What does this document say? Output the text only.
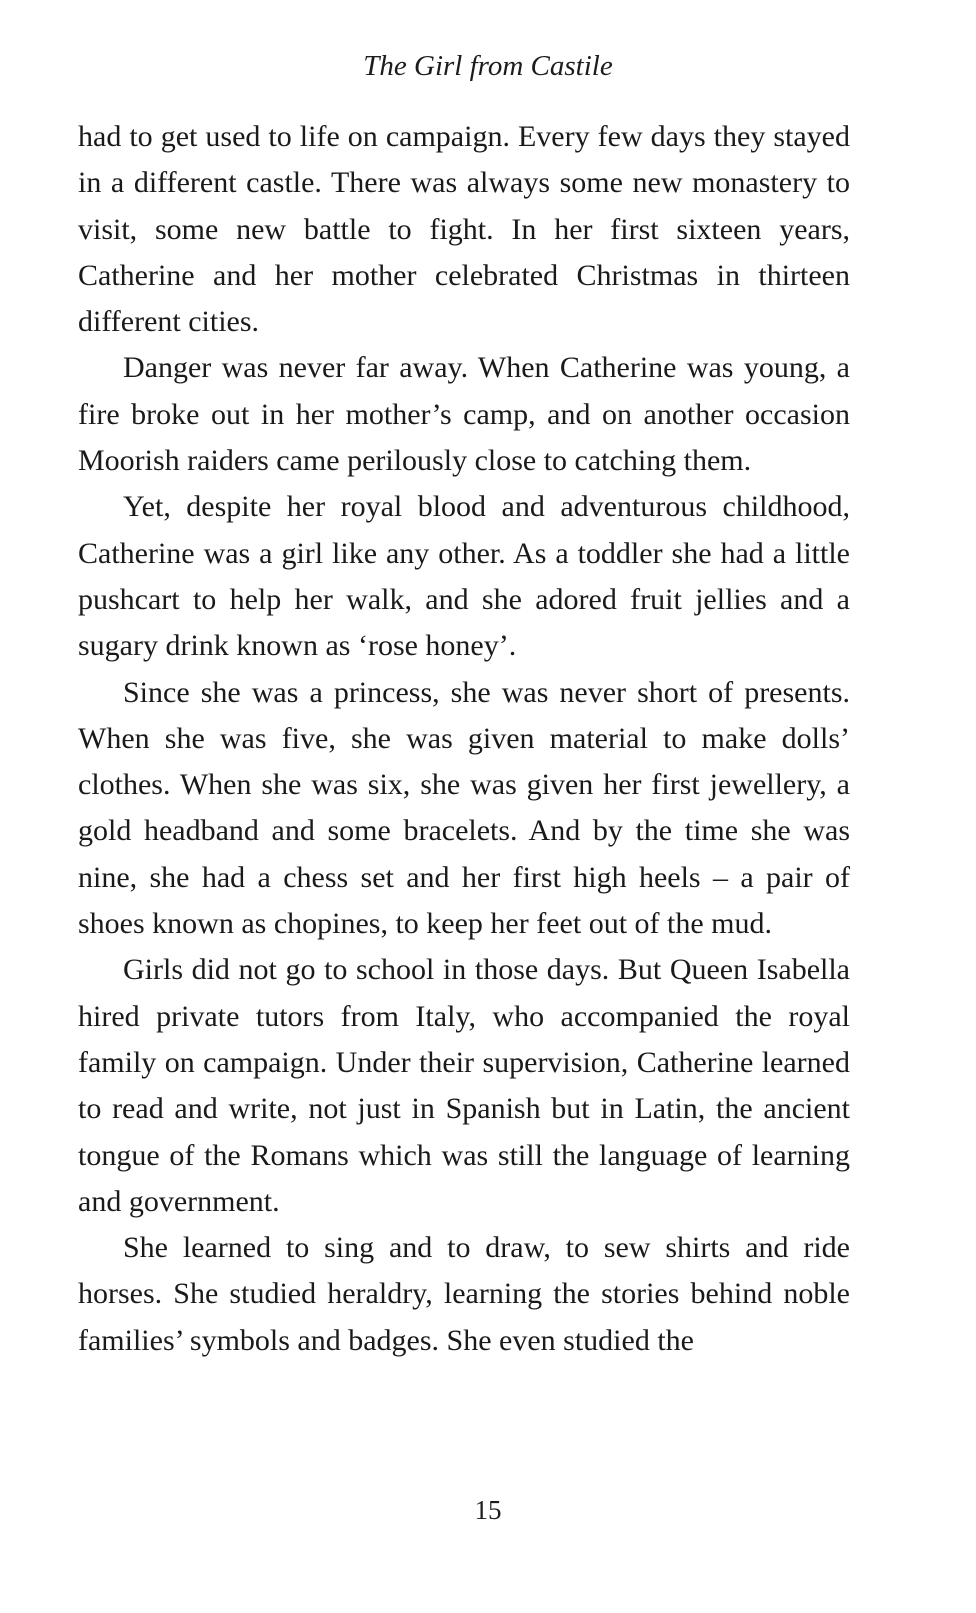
The Girl from Castile

had to get used to life on campaign. Every few days they stayed in a different castle. There was always some new monastery to visit, some new battle to fight. In her first sixteen years, Catherine and her mother celebrated Christmas in thirteen different cities.

Danger was never far away. When Catherine was young, a fire broke out in her mother’s camp, and on another occasion Moorish raiders came perilously close to catching them.

Yet, despite her royal blood and adventurous childhood, Catherine was a girl like any other. As a toddler she had a little pushcart to help her walk, and she adored fruit jellies and a sugary drink known as ‘rose honey’.

Since she was a princess, she was never short of presents. When she was five, she was given material to make dolls’ clothes. When she was six, she was given her first jewellery, a gold headband and some bracelets. And by the time she was nine, she had a chess set and her first high heels – a pair of shoes known as chopines, to keep her feet out of the mud.

Girls did not go to school in those days. But Queen Isabella hired private tutors from Italy, who accompanied the royal family on campaign. Under their supervision, Catherine learned to read and write, not just in Spanish but in Latin, the ancient tongue of the Romans which was still the language of learning and government.

She learned to sing and to draw, to sew shirts and ride horses. She studied heraldry, learning the stories behind noble families’ symbols and badges. She even studied the

15
